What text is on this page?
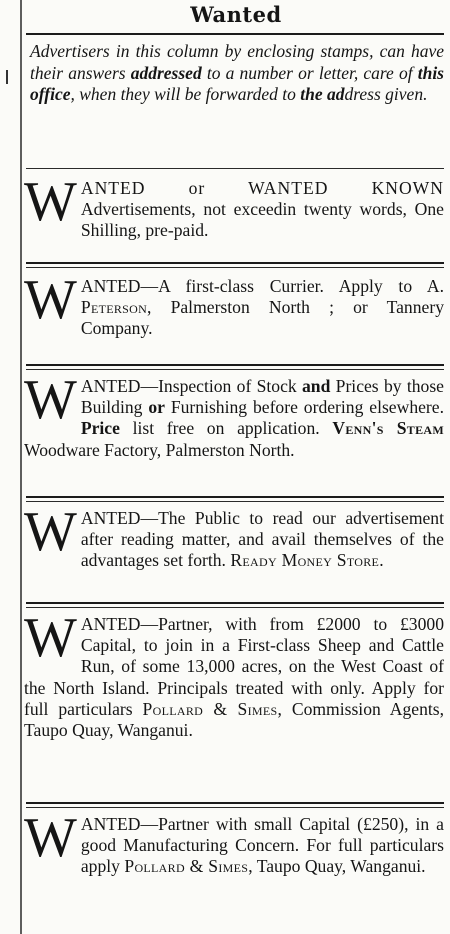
Wanted
Advertisers in this column by enclosing stamps, can have their answers addressed to a number or letter, care of this office, when they will be forwarded to the address given.

WANTED or WANTED KNOWN Advertisements, not exceedin twenty words, One Shilling, pre-paid.

WANTED—A first-class Currier. Apply to A. Peterson, Palmerston North ; or Tannery Company.

WANTED—Inspection of Stock and Prices by those Building or Furnishing before ordering elsewhere. Price list free on application. Venn's Steam Woodware Factory, Palmerston North.

WANTED—The Public to read our advertisement after reading matter, and avail themselves of the advantages set forth. Ready Money Store.

WANTED—Partner, with from £2000 to £3000 Capital, to join in a First-class Sheep and Cattle Run, of some 13,000 acres, on the West Coast of the North Island. Principals treated with only. Apply for full particulars Pollard & Simes, Commission Agents, Taupo Quay, Wanganui.

WANTED—Partner with small Capital (£250), in a good Manufacturing Concern. For full particulars apply Pollard & Simes, Taupo Quay, Wanganui.
